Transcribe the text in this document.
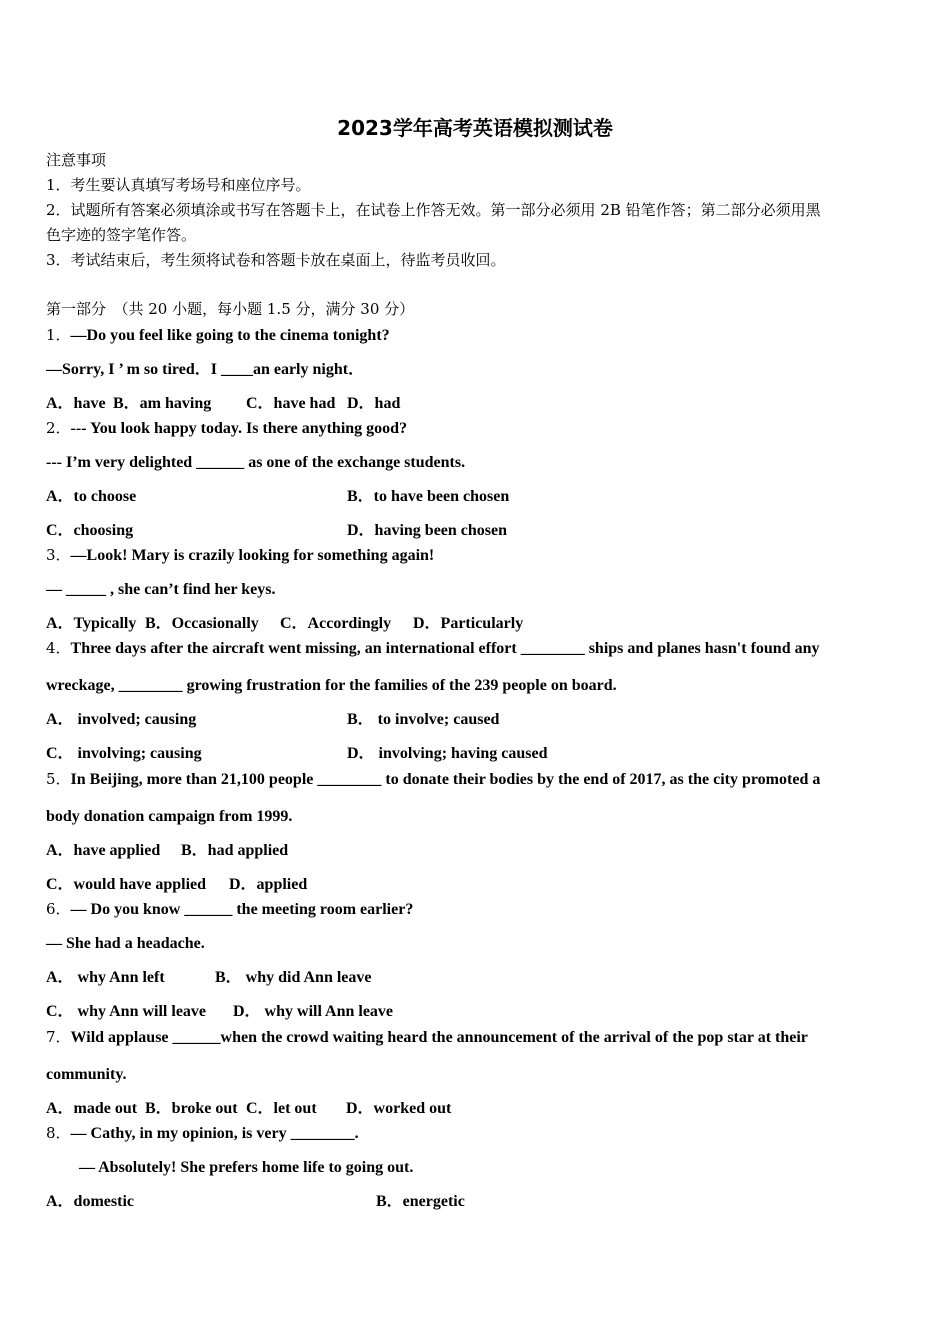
2023学年高考英语模拟测试卷
注意事项
1．考生要认真填写考场号和座位序号。
2．试题所有答案必须填涂或书写在答题卡上，在试卷上作答无效。第一部分必须用 2B 铅笔作答；第二部分必须用黑
色字迹的签字笔作答。
3．考试结束后，考生须将试卷和答题卡放在桌面上，待监考员收回。
第一部分　（共 20 小题，每小题 1.5 分，满分 30 分）
1．—Do you feel like going to the cinema tonight?
—Sorry, I ’ m so tired．I ____an early night．
A．have B．am having C．have had D．had
2．--- You look happy today. Is there anything good?
--- I’m very delighted ______ as one of the exchange students.
A．to choose	B．to have been chosen
C．choosing	D．having been chosen
3．—Look! Mary is crazily looking for something again!
— _____ , she can’t find her keys.
A．Typically B．Occasionally C．Accordingly D．Particularly
4．Three days after the aircraft went missing, an international effort ________ ships and planes hasn't found any
wreckage, ________ growing frustration for the families of the 239 people on board.
A． involved; causing	B． to involve; caused
C． involving; causing	D． involving; having caused
5．In Beijing, more than 21,100 people ________ to donate their bodies by the end of 2017, as the city promoted a
body donation campaign from 1999.
A．have applied B．had applied
C．would have applied D．applied
6．— Do you know ______ the meeting room earlier?
— She had a headache.
A． why Ann left	B． why did Ann leave
C． why Ann will leave D． why will Ann leave
7．Wild applause ______when the crowd waiting heard the announcement of the arrival of the pop star at their
community.
A．made out B．broke out C．let out D．worked out
8．— Cathy, in my opinion, is very ________.
— Absolutely! She prefers home life to going out.
A．domestic	B．energetic
